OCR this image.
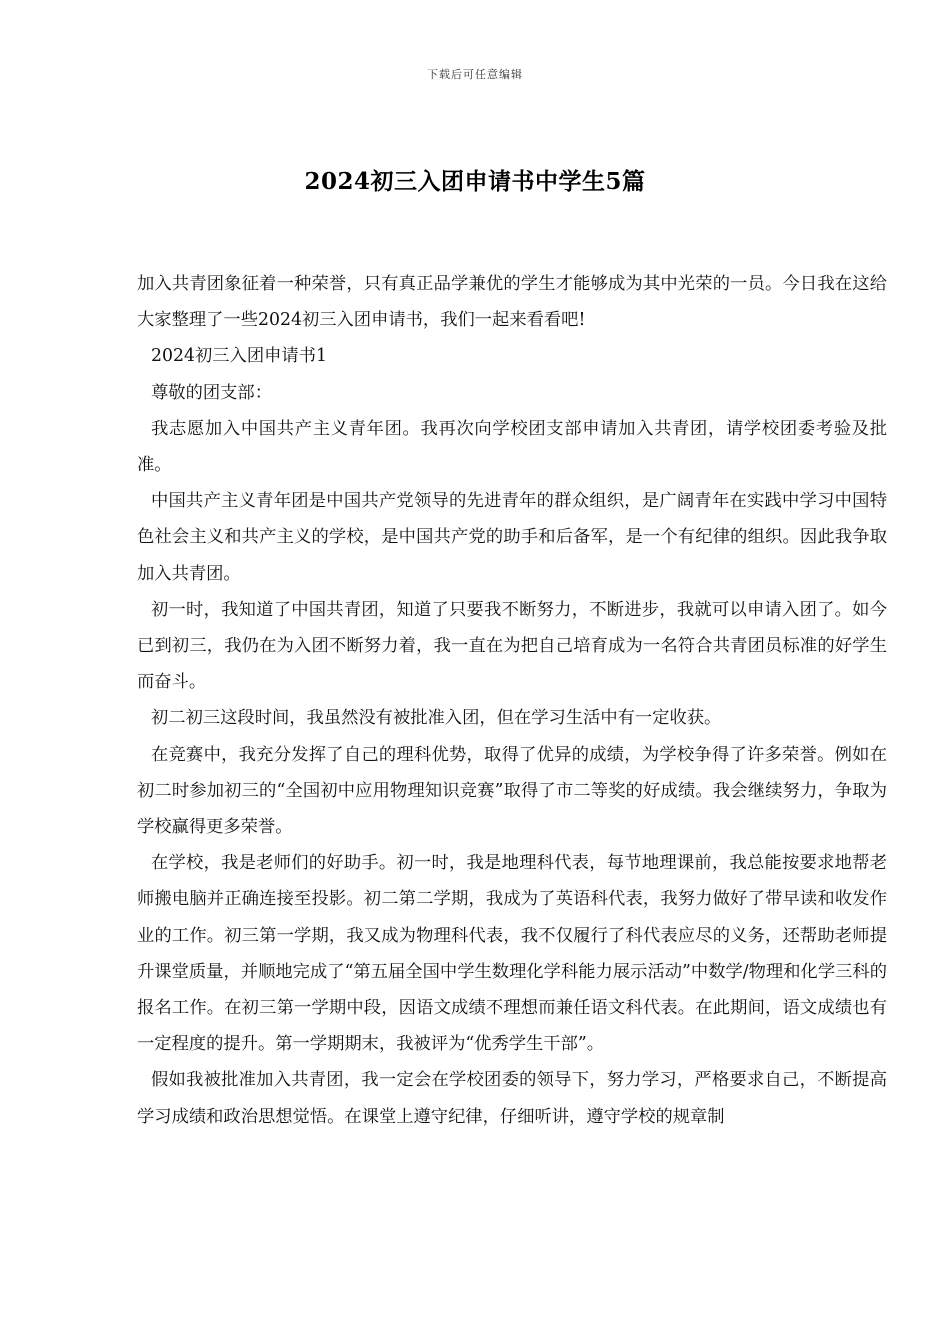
下载后可任意编辑
2024初三入团申请书中学生5篇

加入共青团象征着一种荣誉，只有真正品学兼优的学生才能够成为其中光荣的一员。今日我在这给大家整理了一些2024初三入团申请书，我们一起来看看吧!

2024初三入团申请书1

尊敬的团支部：

我志愿加入中国共产主义青年团。我再次向学校团支部申请加入共青团，请学校团委考验及批准。

中国共产主义青年团是中国共产党领导的先进青年的群众组织，是广阔青年在实践中学习中国特色社会主义和共产主义的学校，是中国共产党的助手和后备军，是一个有纪律的组织。因此我争取加入共青团。

初一时，我知道了中国共青团，知道了只要我不断努力，不断进步，我就可以申请入团了。如今已到初三，我仍在为入团不断努力着，我一直在为把自己培育成为一名符合共青团员标准的好学生而奋斗。

初二初三这段时间，我虽然没有被批准入团，但在学习生活中有一定收获。

在竞赛中，我充分发挥了自己的理科优势，取得了优异的成绩，为学校争得了许多荣誉。例如在初二时参加初三的“全国初中应用物理知识竞赛”取得了市二等奖的好成绩。我会继续努力，争取为学校赢得更多荣誉。

在学校，我是老师们的好助手。初一时，我是地理科代表，每节地理课前，我总能按要求地帮老师搬电脑并正确连接至投影。初二第二学期，我成为了英语科代表，我努力做好了带早读和收发作业的工作。初三第一学期，我又成为物理科代表，我不仅履行了科代表应尽的义务，还帮助老师提升课堂质量，并顺地完成了“第五届全国中学生数理化学科能力展示活动”中数学/物理和化学三科的报名工作。在初三第一学期中段，因语文成绩不理想而兼任语文科代表。在此期间，语文成绩也有一定程度的提升。第一学期期末，我被评为“优秀学生干部”。

假如我被批准加入共青团，我一定会在学校团委的领导下，努力学习，严格要求自己，不断提高学习成绩和政治思想觉悟。在课堂上遵守纪律，仔细听讲，遵守学校的规章制
